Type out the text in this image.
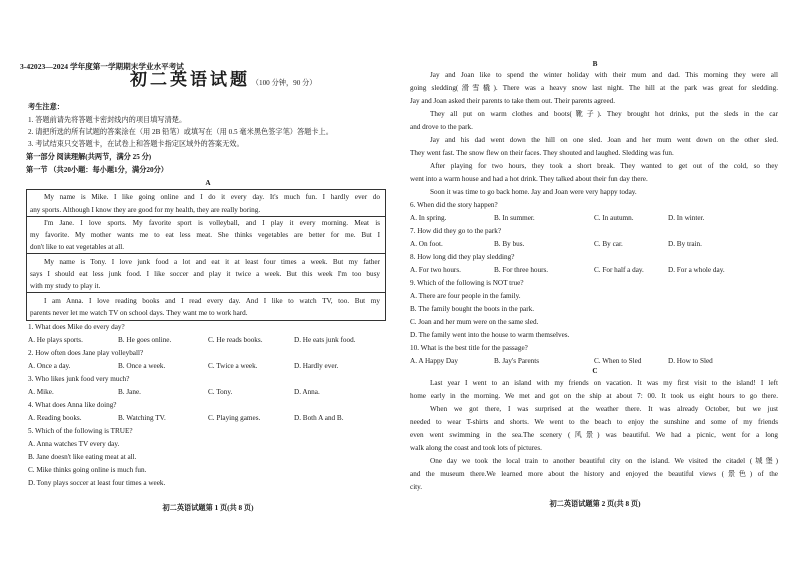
3-42023—2024 学年度第一学期期末学业水平考试
初二英语试题 （100 分钟，90 分）
考生注意：
1. 答题前请先将答题卡密封线内的项目填写清楚。
2. 请把所选的所有试题的答案涂在（用 2B 铅笔）或填写在（用 0.5 毫米黑色签字笔）答题卡上。
3. 考试结束只交答题卡，在试卷上和答题卡指定区域外的答案无效。
第一部分 阅读理解(共两节，满分 25 分)
第一节 （共20小题：每小题1分，满分20分）
A
My name is Mike. I like going online and I do it every day. It's much fun. I hardly ever do
any sports. Although I know they are good for my health, they are really boring.
I'm Jane. I love sports. My favorite sport is volleyball, and I play it every morning. Meat is
my favorite. My mother wants me to eat less meat. She thinks vegetables are better for me. But I
don't like to eat vegetables at all.
My name is Tony. I love junk food a lot and eat it at least four times a week. But my father
says I should eat less junk food. I like soccer and play it twice a week. But this week I'm too busy
with my study to play it.
I am Anna. I love reading books and I read every day. And I like to watch TV, too. But my
parents never let me watch TV on school days. They want me to work hard.
1. What does Mike do every day?
A. He plays sports.	B. He goes online.	C. He reads books.	D. He eats junk food.
2. How often does Jane play volleyball?
A. Once a day.	B. Once a week.	C. Twice a week.	D. Hardly ever.
3. Who likes junk food very much?
A. Mike.	B. Jane.	C. Tony.	D. Anna.
4. What does Anna like doing?
A. Reading books.	B. Watching TV.	C. Playing games.	D. Both A and B.
5. Which of the following is TRUE?
A. Anna watches TV every day.
B. Jane doesn't like eating meat at all.
C. Mike thinks going online is much fun.
D. Tony plays soccer at least four times a week.
初二英语试题第 1 页(共 8 页)
B
Jay and Joan like to spend the winter holiday with their mum and dad. This morning they were all
going sledding(滑雪橇). There was a heavy snow last night. The hill at the park was great for sledding.
Jay and Joan asked their parents to take them out. Their parents agreed.
They all put on warm clothes and boots(靴子). They brought hot drinks, put the sleds in the car
and drove to the park.
Jay and his dad went down the hill on one sled. Joan and her mum went down on the other sled.
They went fast. The snow flew on their faces. They shouted and laughed. Sledding was fun.
After playing for two hours, they took a short break. They wanted to get out of the cold, so they
went into a warm house and had a hot drink. They talked about their fun day there.
Soon it was time to go back home. Jay and Joan were very happy today.
6. When did the story happen?
A. In spring.	B. In summer.	C. In autumn.	D. In winter.
7. How did they go to the park?
A. On foot.	B. By bus.	C. By car.	D. By train.
8. How long did they play sledding?
A. For two hours.	B. For three hours.	C. For half a day.	D. For a whole day.
9. Which of the following is NOT true?
A. There are four people in the family.
B. The family bought the boots in the park.
C. Joan and her mum were on the same sled.
D. The family went into the house to warm themselves.
10. What is the best title for the passage?
A. A Happy Day	B. Jay's Parents	C. When to Sled	D. How to Sled
C
Last year I went to an island with my friends on vacation. It was my first visit to the island! I left
home early in the morning. We met and got on the ship at about 7: 00. It took us eight hours to go there.
When we got there, I was surprised at the weather there. It was already October, but we just
needed to wear T-shirts and shorts. We went to the beach to enjoy the sunshine and some of my friends
even went swimming in the sea.The scenery (风景) was beautiful. We had a picnic, went for a long
walk along the coast and took lots of pictures.
One day we took the local train to another beautiful city on the island. We visited the citadel (城堡)
and the museum there.We learned more about the history and enjoyed the beautiful views (景色) of the
city.
初二英语试题第 2 页(共 8 页)
